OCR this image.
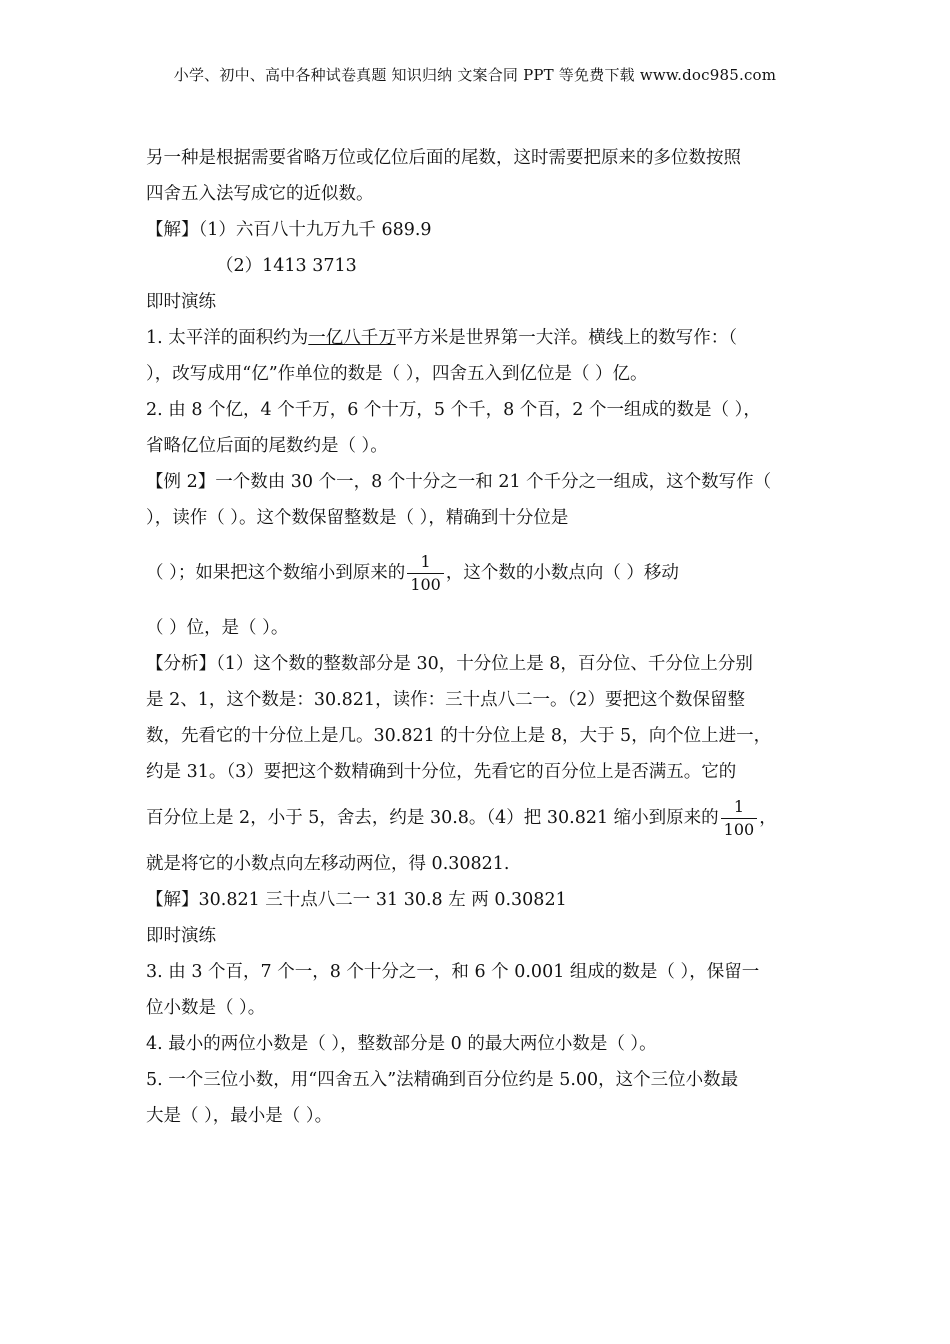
小学、初中、高中各种试卷真题 知识归纳 文案合同 PPT 等免费下载 www.doc985.com
另一种是根据需要省略万位或亿位后面的尾数，这时需要把原来的多位数按照
四舍五入法写成它的近似数。
【解】（1）六百八十九万九千 689.9
（2）1413 3713
即时演练
1. 太平洋的面积约为一亿八千万平方米是世界第一大洋。横线上的数写作：（
），改写成用“亿”作单位的数是（ ），四舍五入到亿位是（ ）亿。
2. 由 8 个亿，4 个千万，6 个十万，5 个千，8 个百，2 个一组成的数是（ ），
省略亿位后面的尾数约是（ ）。
【例 2】一个数由 30 个一，8 个十分之一和 21 个千分之一组成，这个数写作（
），读作（ ）。这个数保留整数是（ ），精确到十分位是
（ ）；如果把这个数缩小到原来的 $\frac{1}{100}$ ，这个数的小数点向（ ）移动
（ ）位，是（ ）。
【分析】（1）这个数的整数部分是 30，十分位上是 8，百分位、千分位上分别
是 2、1，这个数是：30.821，读作：三十点八二一。（2）要把这个数保留整
数，先看它的十分位上是几。30.821 的十分位上是 8，大于 5，向个位上进一，
约是 31。（3）要把这个数精确到十分位，先看它的百分位上是否满五。它的
百分位上是 2，小于 5，舍去，约是 30.8。（4）把 30.821 缩小到原来的 $\frac{1}{100}$ ，
就是将它的小数点向左移动两位，得 0.30821.
【解】30.821 三十点八二一 31 30.8 左 两 0.30821
即时演练
3. 由 3 个百，7 个一，8 个十分之一，和 6 个 0.001 组成的数是（ ），保留一
位小数是（ ）。
4. 最小的两位小数是（ ），整数部分是 0 的最大两位小数是（ ）。
5. 一个三位小数，用“四舍五入”法精确到百分位约是 5.00，这个三位小数最
大是（ ），最小是（ ）。
